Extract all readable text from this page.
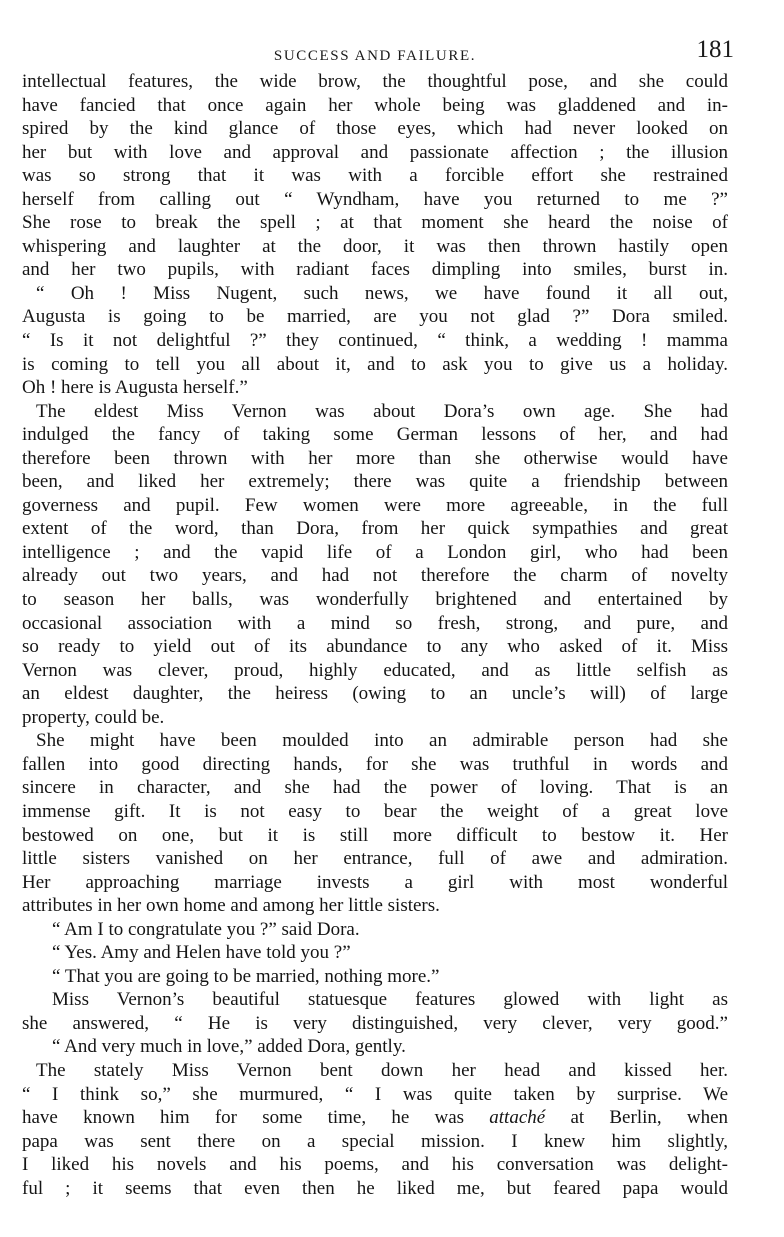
SUCCESS AND FAILURE.	181
intellectual features, the wide brow, the thoughtful pose, and she could
have fancied that once again her whole being was gladdened and in-
spired by the kind glance of those eyes, which had never looked on
her but with love and approval and passionate affection ; the illusion
was so strong that it was with a forcible effort she restrained
herself from calling out “ Wyndham, have you returned to me ?”
She rose to break the spell ; at that moment she heard the noise of
whispering and laughter at the door, it was then thrown hastily open
and her two pupils, with radiant faces dimpling into smiles, burst in.
“ Oh ! Miss Nugent, such news, we have found it all out,
Augusta is going to be married, are you not glad ?” Dora smiled.
“ Is it not delightful ?” they continued, “ think, a wedding ! mamma
is coming to tell you all about it, and to ask you to give us a holiday.
Oh ! here is Augusta herself.”
The eldest Miss Vernon was about Dora’s own age. She had
indulged the fancy of taking some German lessons of her, and had
therefore been thrown with her more than she otherwise would have
been, and liked her extremely; there was quite a friendship between
governess and pupil. Few women were more agreeable, in the full
extent of the word, than Dora, from her quick sympathies and great
intelligence ; and the vapid life of a London girl, who had been
already out two years, and had not therefore the charm of novelty
to season her balls, was wonderfully brightened and entertained by
occasional association with a mind so fresh, strong, and pure, and
so ready to yield out of its abundance to any who asked of it. Miss
Vernon was clever, proud, highly educated, and as little selfish as
an eldest daughter, the heiress (owing to an uncle’s will) of large
property, could be.
She might have been moulded into an admirable person had she
fallen into good directing hands, for she was truthful in words and
sincere in character, and she had the power of loving. That is an
immense gift. It is not easy to bear the weight of a great love
bestowed on one, but it is still more difficult to bestow it. Her
little sisters vanished on her entrance, full of awe and admiration.
Her approaching marriage invests a girl with most wonderful
attributes in her own home and among her little sisters.
“ Am I to congratulate you ?” said Dora.
“ Yes. Amy and Helen have told you ?”
“ That you are going to be married, nothing more.”
Miss Vernon’s beautiful statuesque features glowed with light as
she answered, “ He is very distinguished, very clever, very good.”
“ And very much in love,” added Dora, gently.
The stately Miss Vernon bent down her head and kissed her.
“ I think so,” she murmured, “ I was quite taken by surprise. We
have known him for some time, he was attaché at Berlin, when
papa was sent there on a special mission. I knew him slightly,
I liked his novels and his poems, and his conversation was delight-
ful ; it seems that even then he liked me, but feared papa would
